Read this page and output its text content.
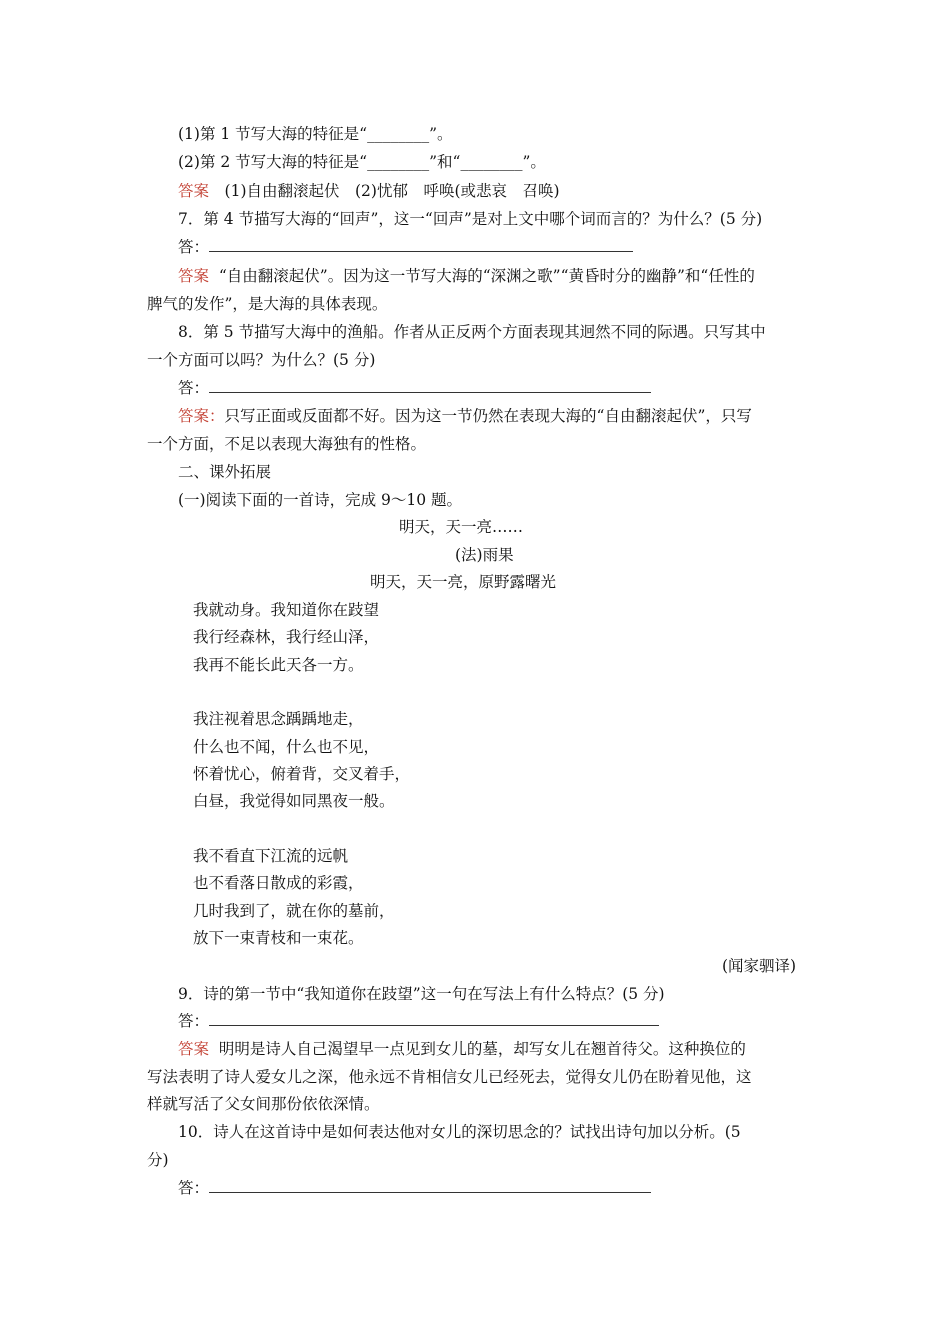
(1)第 1 节写大海的特征是“________”。
(2)第 2 节写大海的特征是“________”和“________”。
答案　 (1)自由翻滚起伏　(2)忧郁　呼唤(或悲哀　召唤)
7．第 4 节描写大海的“回声”，这一“回声”是对上文中哪个词而言的？为什么？(5 分)
答：
答案 “自由翻滚起伏”。因为这一节写大海的“深渊之歌”“黄昏时分的幽静”和“任性的
脾气的发作”，是大海的具体表现。
8．第 5 节描写大海中的渔船。作者从正反两个方面表现其迥然不同的际遇。只写其中
一个方面可以吗？为什么？(5 分)
答：
答案：只写正面或反面都不好。因为这一节仍然在表现大海的“自由翻滚起伏”，只写
一个方面，不足以表现大海独有的性格。
二、课外拓展
(一)阅读下面的一首诗，完成 9～10 题。
明天，天一亮……
(法)雨果
明天，天一亮，原野露曙光
我就动身。我知道你在跂望
我行经森林，我行经山泽，
我再不能长此天各一方。
我注视着思念踽踽地走，
什么也不闻，什么也不见，
怀着忧心，俯着背，交叉着手，
白昼，我觉得如同黑夜一般。
我不看直下江流的远帆
也不看落日散成的彩霞，
几时我到了，就在你的墓前，
放下一束青枝和一束花。
(闻家驷译)
9．诗的第一节中“我知道你在跂望”这一句在写法上有什么特点？(5 分)
答：
答案 明明是诗人自己渴望早一点见到女儿的墓，却写女儿在翘首待父。这种换位的
写法表明了诗人爱女儿之深，他永远不肯相信女儿已经死去，觉得女儿仍在盼着见他，这
样就写活了父女间那份依依深情。
10．诗人在这首诗中是如何表达他对女儿的深切思念的？试找出诗句加以分析。(5
分)
答：
